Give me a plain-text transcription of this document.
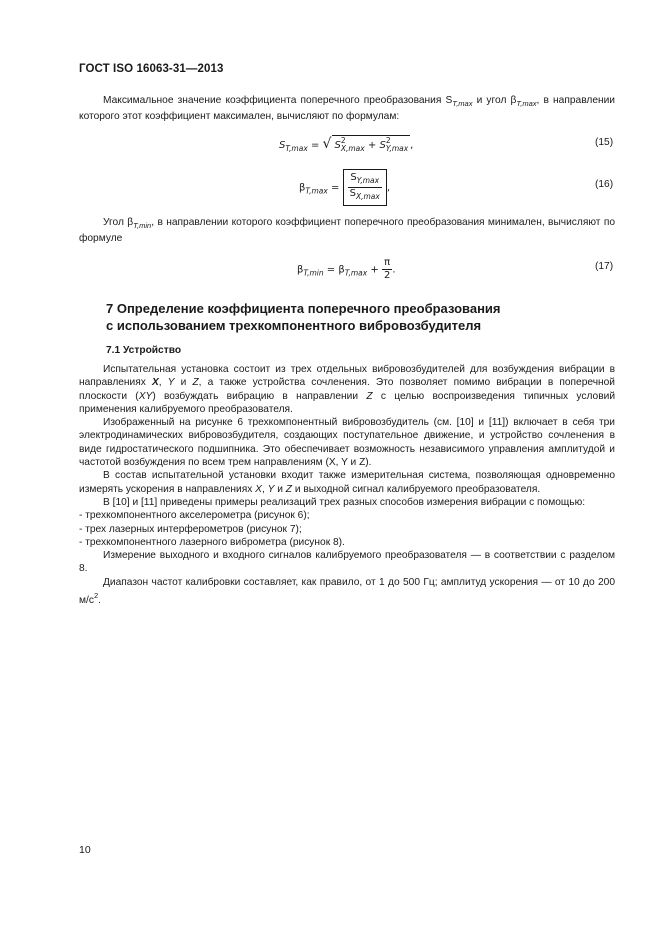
ГОСТ ISO 16063-31—2013

Максимальное значение коэффициента поперечного преобразования $S_{T,max}$ и угол $\beta_{T,max}$, в направлении которого этот коэффициент максимален, вычисляют по формулам:

$S_{T,max}$ = √ S 2
X,max + S 2
Y,max ,	(15)
$\beta_{T,max} = \frac{S_{Y,max}}{S_{X,max}}$ ,	(16)

Угол $\beta_{T,min}$, в направлении которого коэффициент поперечного преобразования минимален, вычисляют по формуле

$\beta_{T,min} = \beta_{T,max} + \frac{\pi}{2}$ .	(17)
7 Определение коэффициента поперечного преобразования
с использованием трехкомпонентного вибровозбудителя
7.1 Устройство

Испытательная установка состоит из трех отдельных вибровозбудителей для возбуждения вибрации в направлениях X, Y и Z, а также устройства сочленения. Это позволяет помимо вибрации в поперечной плоскости (XY) возбуждать вибрацию в направлении Z с целью воспроизведения типичных условий применения калибруемого преобразователя.

Изображенный на рисунке 6 трехкомпонентный вибровозбудитель (см. [10] и [11]) включает в себя три электродинамических вибровозбудителя, создающих поступательное движение, и устройство сочленения в виде гидростатического подшипника. Это обеспечивает возможность независимого управления амплитудой и частотой возбуждения по всем трем направлениям (X, Y и Z).

В состав испытательной установки входит также измерительная система, позволяющая одновременно измерять ускорения в направлениях X, Y и Z и выходной сигнал калибруемого преобразователя.

В [10] и [11] приведены примеры реализаций трех разных способов измерения вибрации с помощью:

- трехкомпонентного акселерометра (рисунок 6);

- трех лазерных интерферометров (рисунок 7);

- трехкомпонентного лазерного виброметра (рисунок 8).

Измерение выходного и входного сигналов калибруемого преобразователя — в соответствии с разделом 8.

Диапазон частот калибровки составляет, как правило, от 1 до 500 Гц; амплитуд ускорения — от 10 до 200 $м/с^2$.

10
